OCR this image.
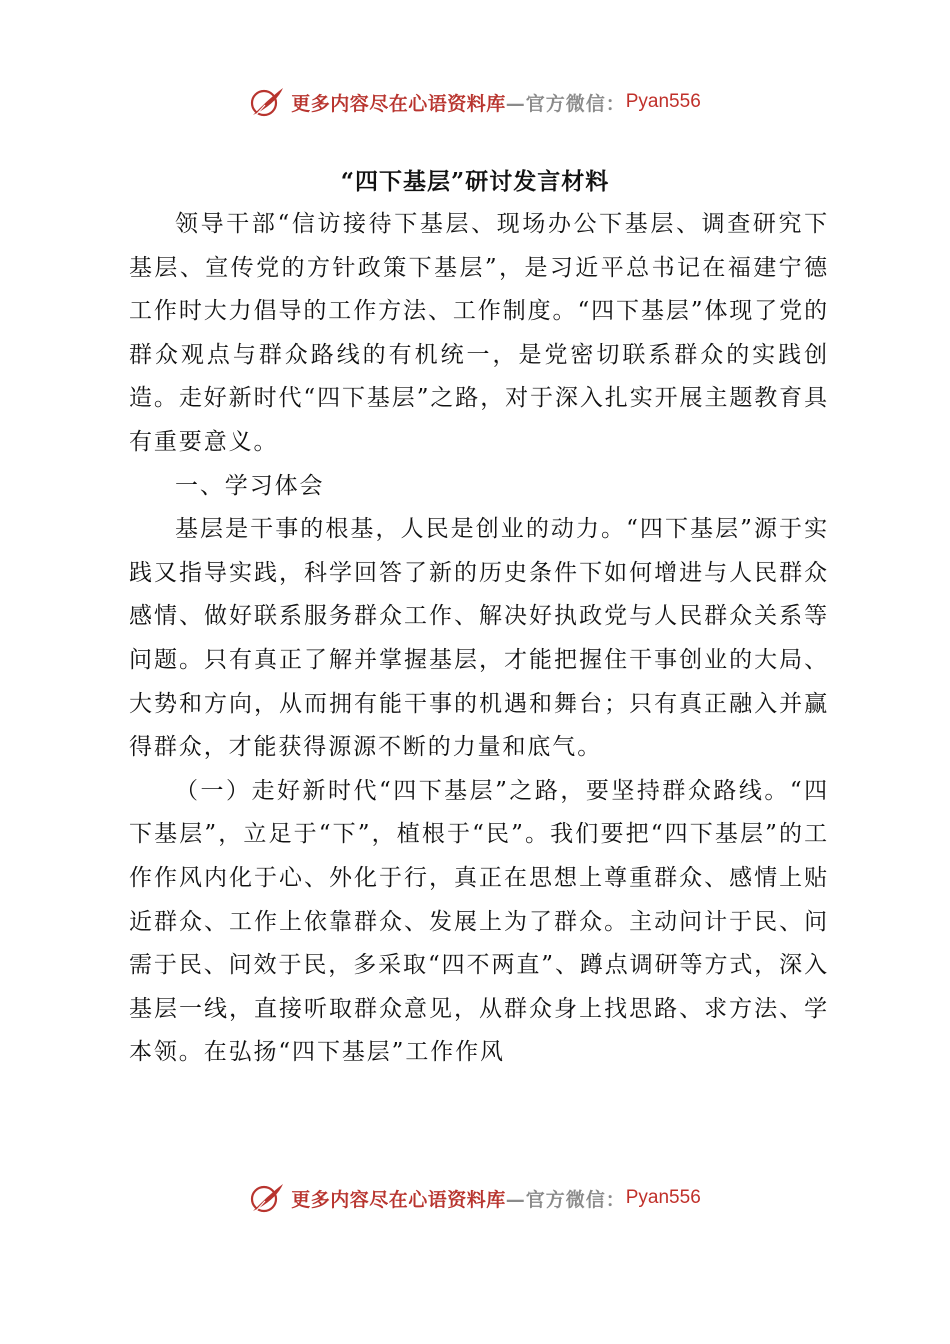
更多内容尽在心语资料库 —官方微信： Pyan556
“四下基层”研讨发言材料

领导干部“信访接待下基层、现场办公下基层、调查研究下基层、宣传党的方针政策下基层”，是习近平总书记在福建宁德工作时大力倡导的工作方法、工作制度。“四下基层”体现了党的群众观点与群众路线的有机统一，是党密切联系群众的实践创造。走好新时代“四下基层”之路，对于深入扎实开展主题教育具有重要意义。

一、学习体会

基层是干事的根基，人民是创业的动力。“四下基层”源于实践又指导实践，科学回答了新的历史条件下如何增进与人民群众感情、做好联系服务群众工作、解决好执政党与人民群众关系等问题。只有真正了解并掌握基层，才能把握住干事创业的大局、大势和方向，从而拥有能干事的机遇和舞台；只有真正融入并赢得群众，才能获得源源不断的力量和底气。

（一）走好新时代“四下基层”之路，要坚持群众路线。“四下基层”，立足于“下”，植根于“民”。我们要把“四下基层”的工作作风内化于心、外化于行，真正在思想上尊重群众、感情上贴近群众、工作上依靠群众、发展上为了群众。主动问计于民、问需于民、问效于民，多采取“四不两直”、蹲点调研等方式，深入基层一线，直接听取群众意见，从群众身上找思路、求方法、学本领。在弘扬“四下基层”工作作风

更多内容尽在心语资料库 —官方微信： Pyan556
